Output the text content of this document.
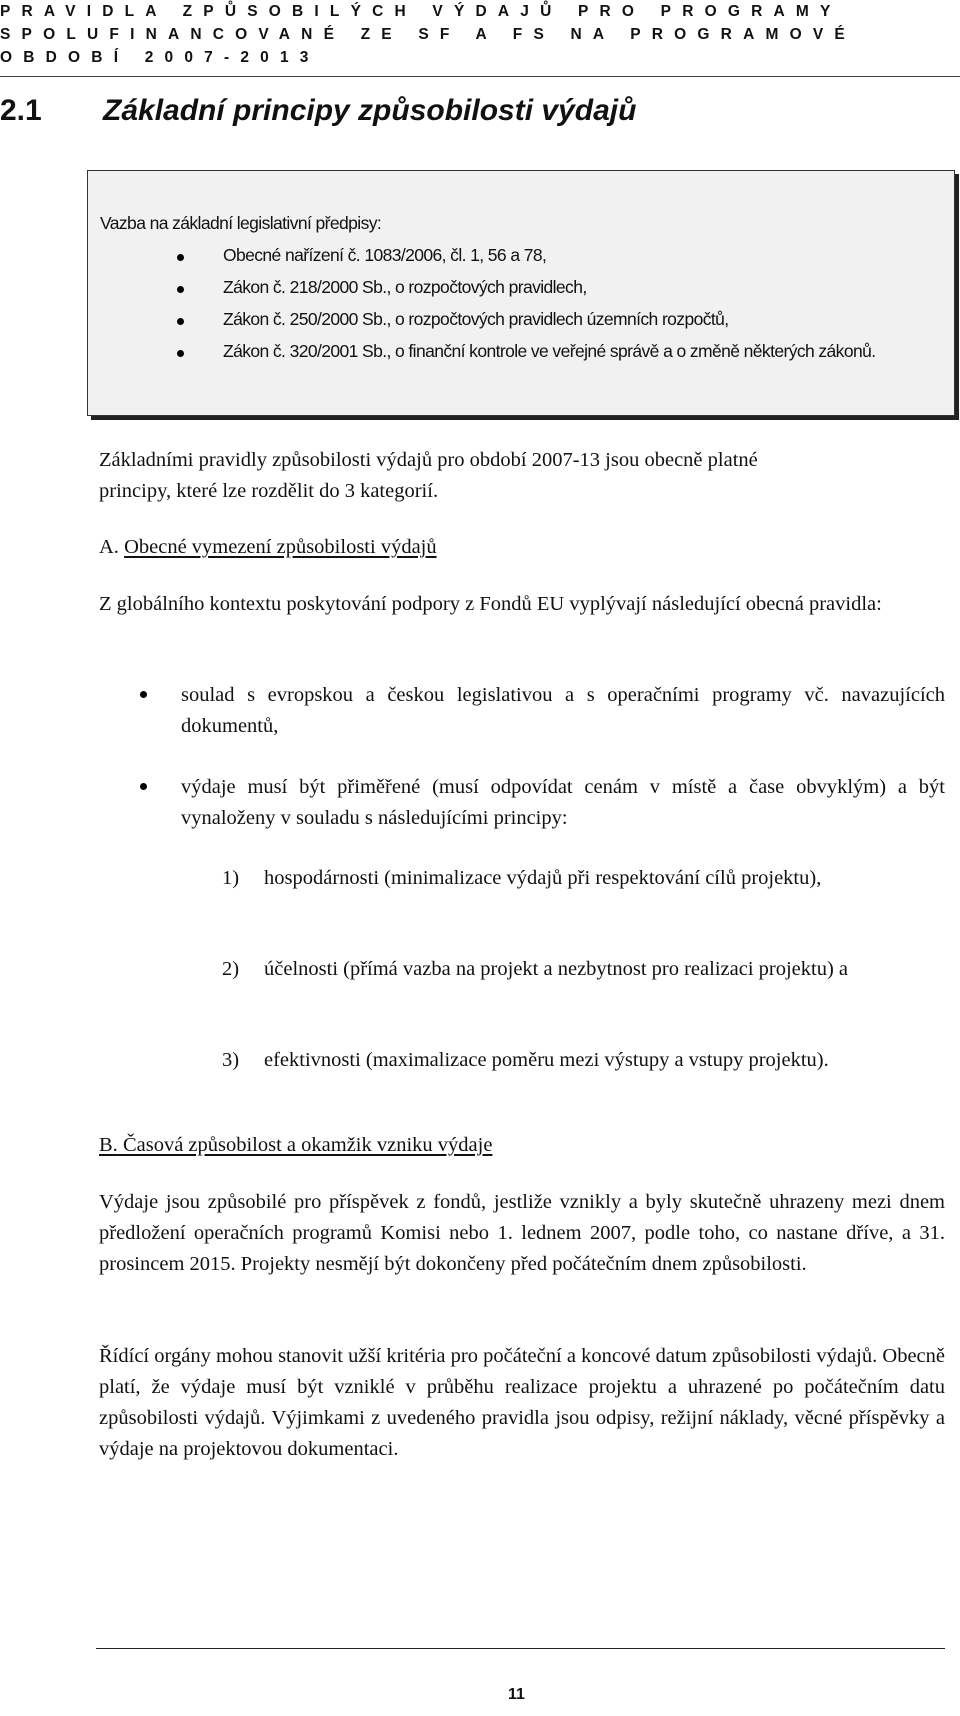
PRAVIDLA ZPŮSOBILÝCH VÝDAJŮ PRO PROGRAMY
SPOLUFINANCOVANÉ ZE SF A FS NA PROGRAMOVÉ
OBDOBÍ 2007-2013
2.1 Základní principy způsobilosti výdajů
Vazba na základní legislativní předpisy:
Obecné nařízení č. 1083/2006, čl. 1, 56 a 78,
Zákon č. 218/2000 Sb., o rozpočtových pravidlech,
Zákon č. 250/2000 Sb., o rozpočtových pravidlech územních rozpočtů,
Zákon č. 320/2001 Sb., o finanční kontrole ve veřejné správě a o změně některých zákonů.
Základními pravidly způsobilosti výdajů pro období 2007-13 jsou obecně platné
principy, které lze rozdělit do 3 kategorií.
A. Obecné vymezení způsobilosti výdajů
Z globálního kontextu poskytování podpory z Fondů EU vyplývají následující obecná pravidla:
soulad s evropskou a českou legislativou a s operačními programy vč. navazujících dokumentů,
výdaje musí být přiměřené (musí odpovídat cenám v místě a čase obvyklým) a být vynaloženy v souladu s následujícími principy:
1) hospodárnosti (minimalizace výdajů při respektování cílů projektu),
2) účelnosti (přímá vazba na projekt a nezbytnost pro realizaci projektu) a
3) efektivnosti (maximalizace poměru mezi výstupy a vstupy projektu).
B. Časová způsobilost a okamžik vzniku výdaje
Výdaje jsou způsobilé pro příspěvek z fondů, jestliže vznikly a byly skutečně uhrazeny mezi dnem předložení operačních programů Komisi nebo 1. lednem 2007, podle toho, co nastane dříve, a 31. prosincem 2015. Projekty nesmějí být dokončeny před počátečním dnem způsobilosti.
Řídící orgány mohou stanovit užší kritéria pro počáteční a koncové datum způsobilosti výdajů. Obecně platí, že výdaje musí být vzniklé v průběhu realizace projektu a uhrazené po počátečním datu způsobilosti výdajů. Výjimkami z uvedeného pravidla jsou odpisy, režijní náklady, věcné příspěvky a výdaje na projektovou dokumentaci.
11
